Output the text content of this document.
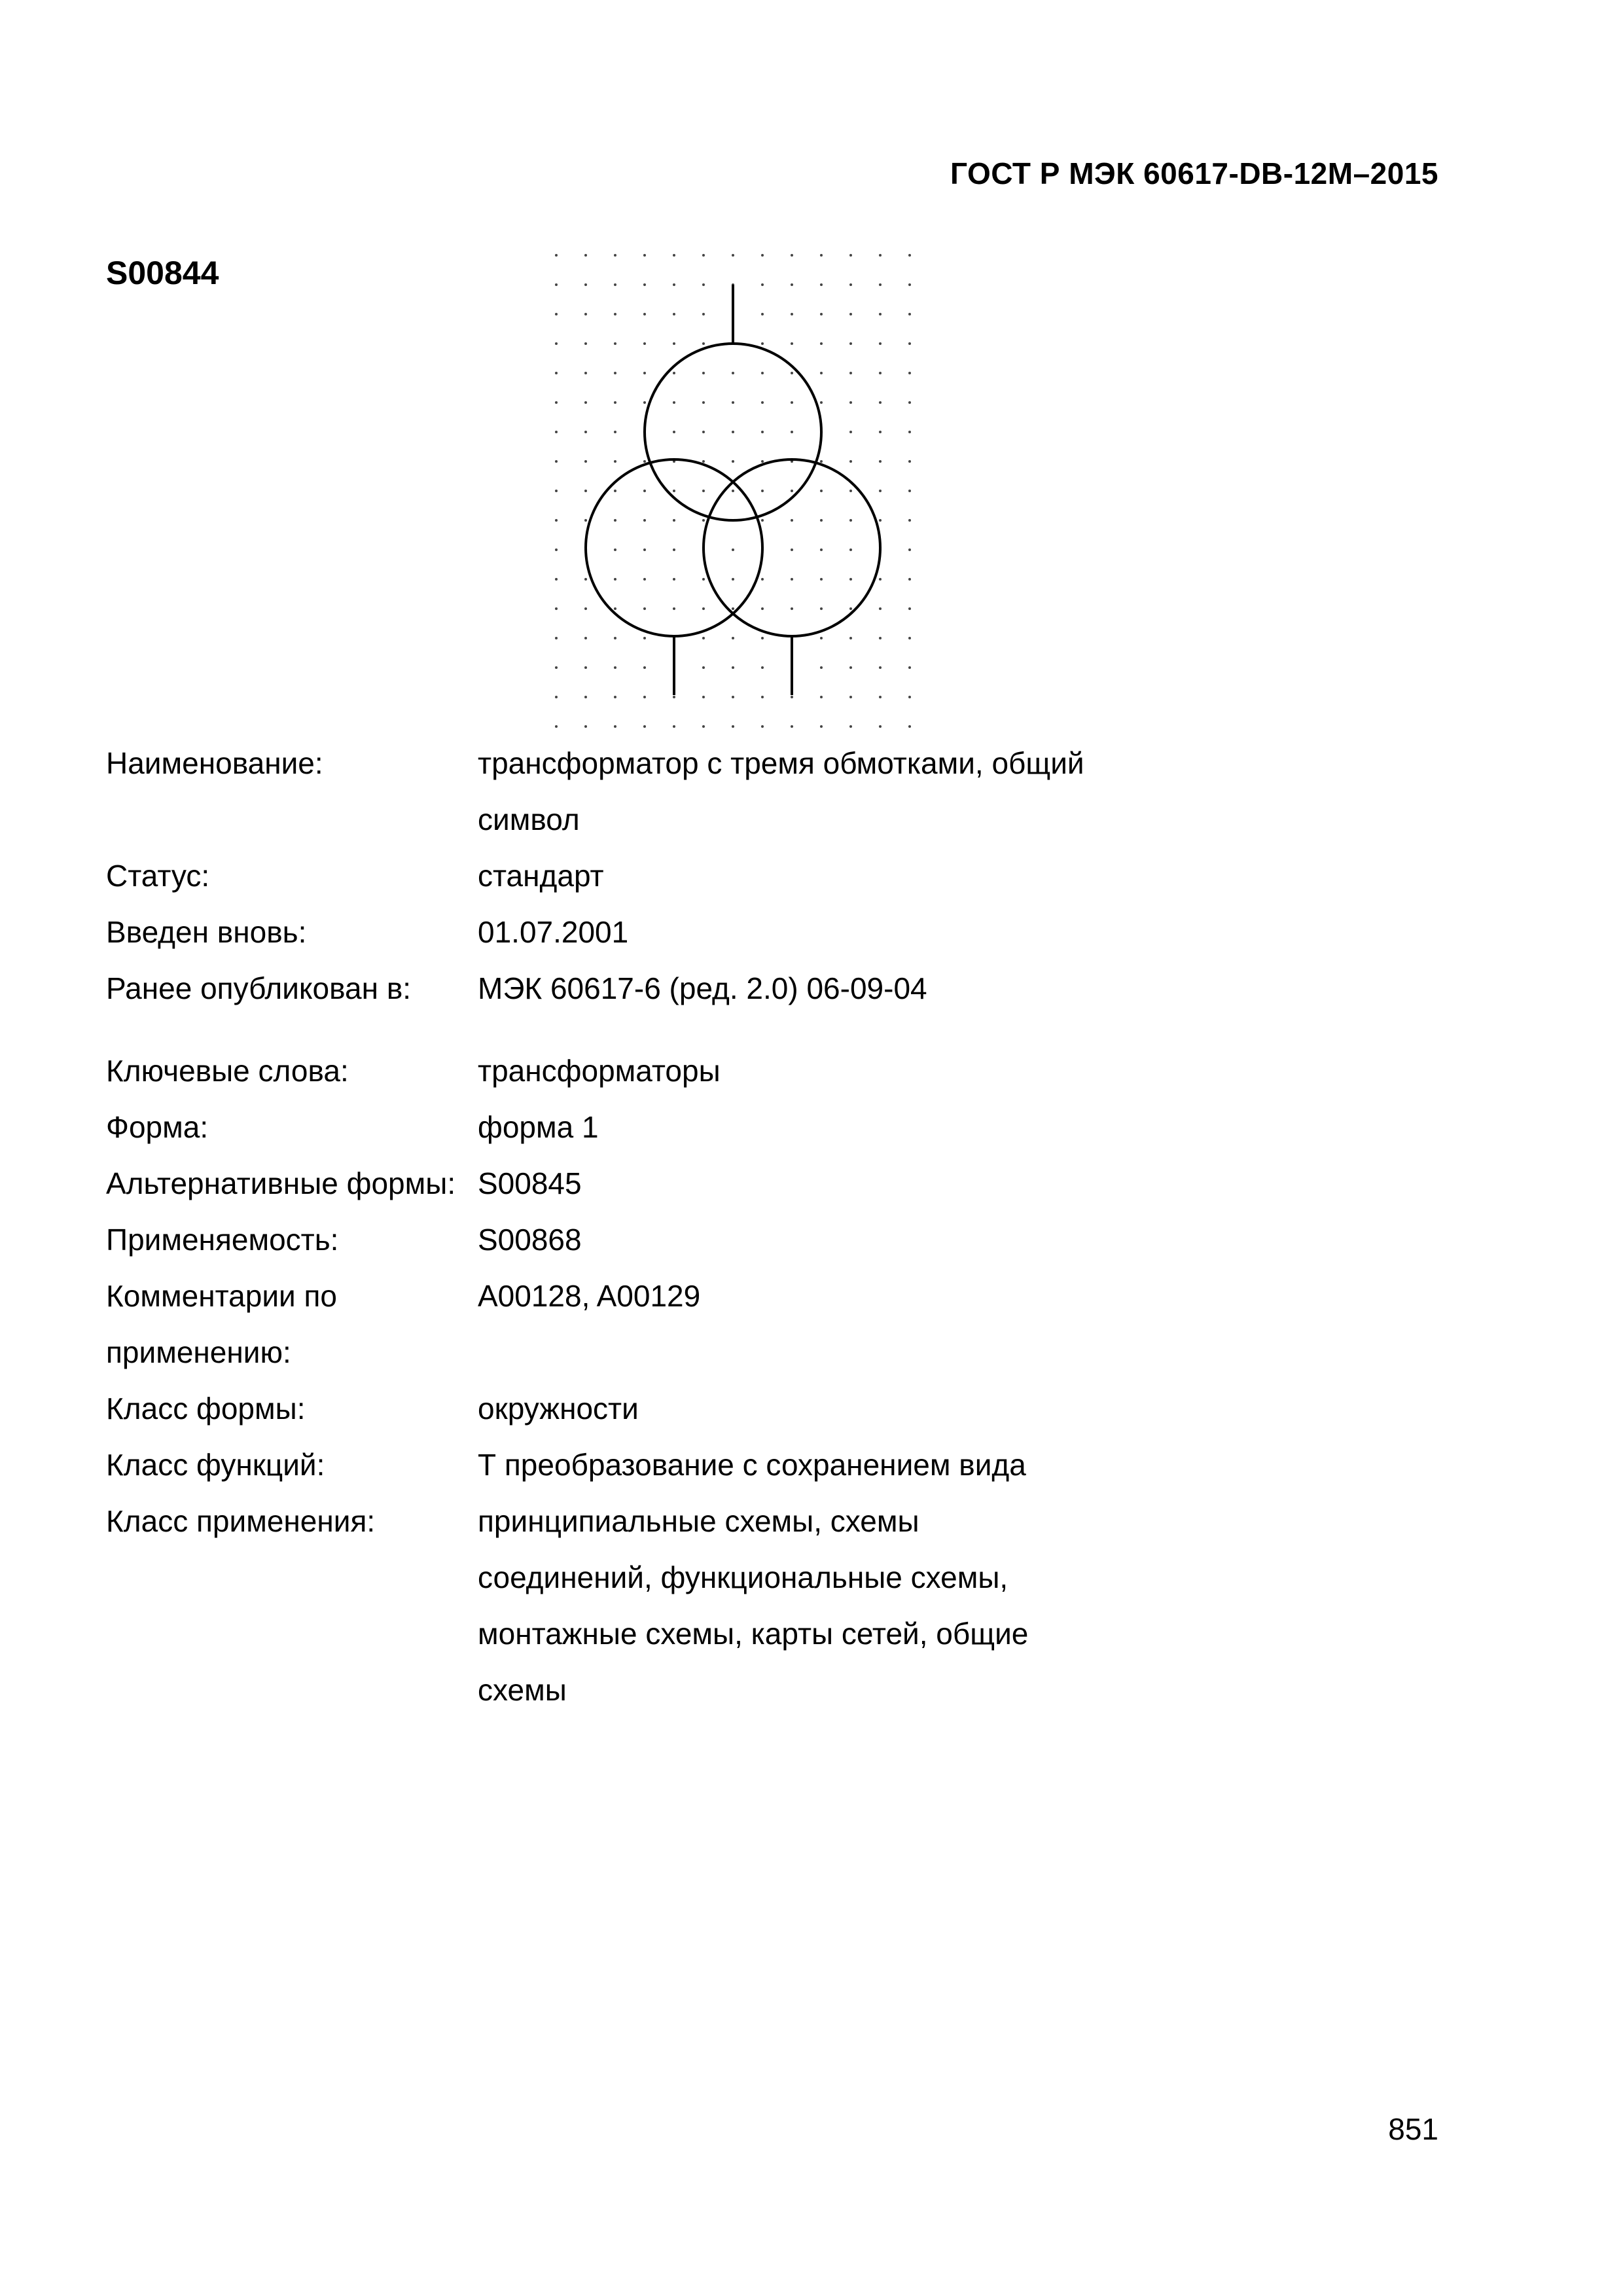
ГОСТ Р МЭК 60617-DB-12M–2015
S00844
Наименование:	трансформатор с тремя обмотками, общий символ
Статус:	стандарт
Введен вновь:	01.07.2001
Ранее опубликован в:	МЭК 60617-6 (ред. 2.0) 06-09-04
Ключевые слова:	трансформаторы
Форма:	форма 1
Альтернативные формы: S00845
Применяемость:	S00868
Комментарии по применению:
A00128, A00129
Класс формы:	окружности
Класс функций:	Т преобразование с сохранением вида
Класс применения:	принципиальные схемы, схемы соединений, функциональные схемы, монтажные схемы, карты сетей, общие схемы
851
